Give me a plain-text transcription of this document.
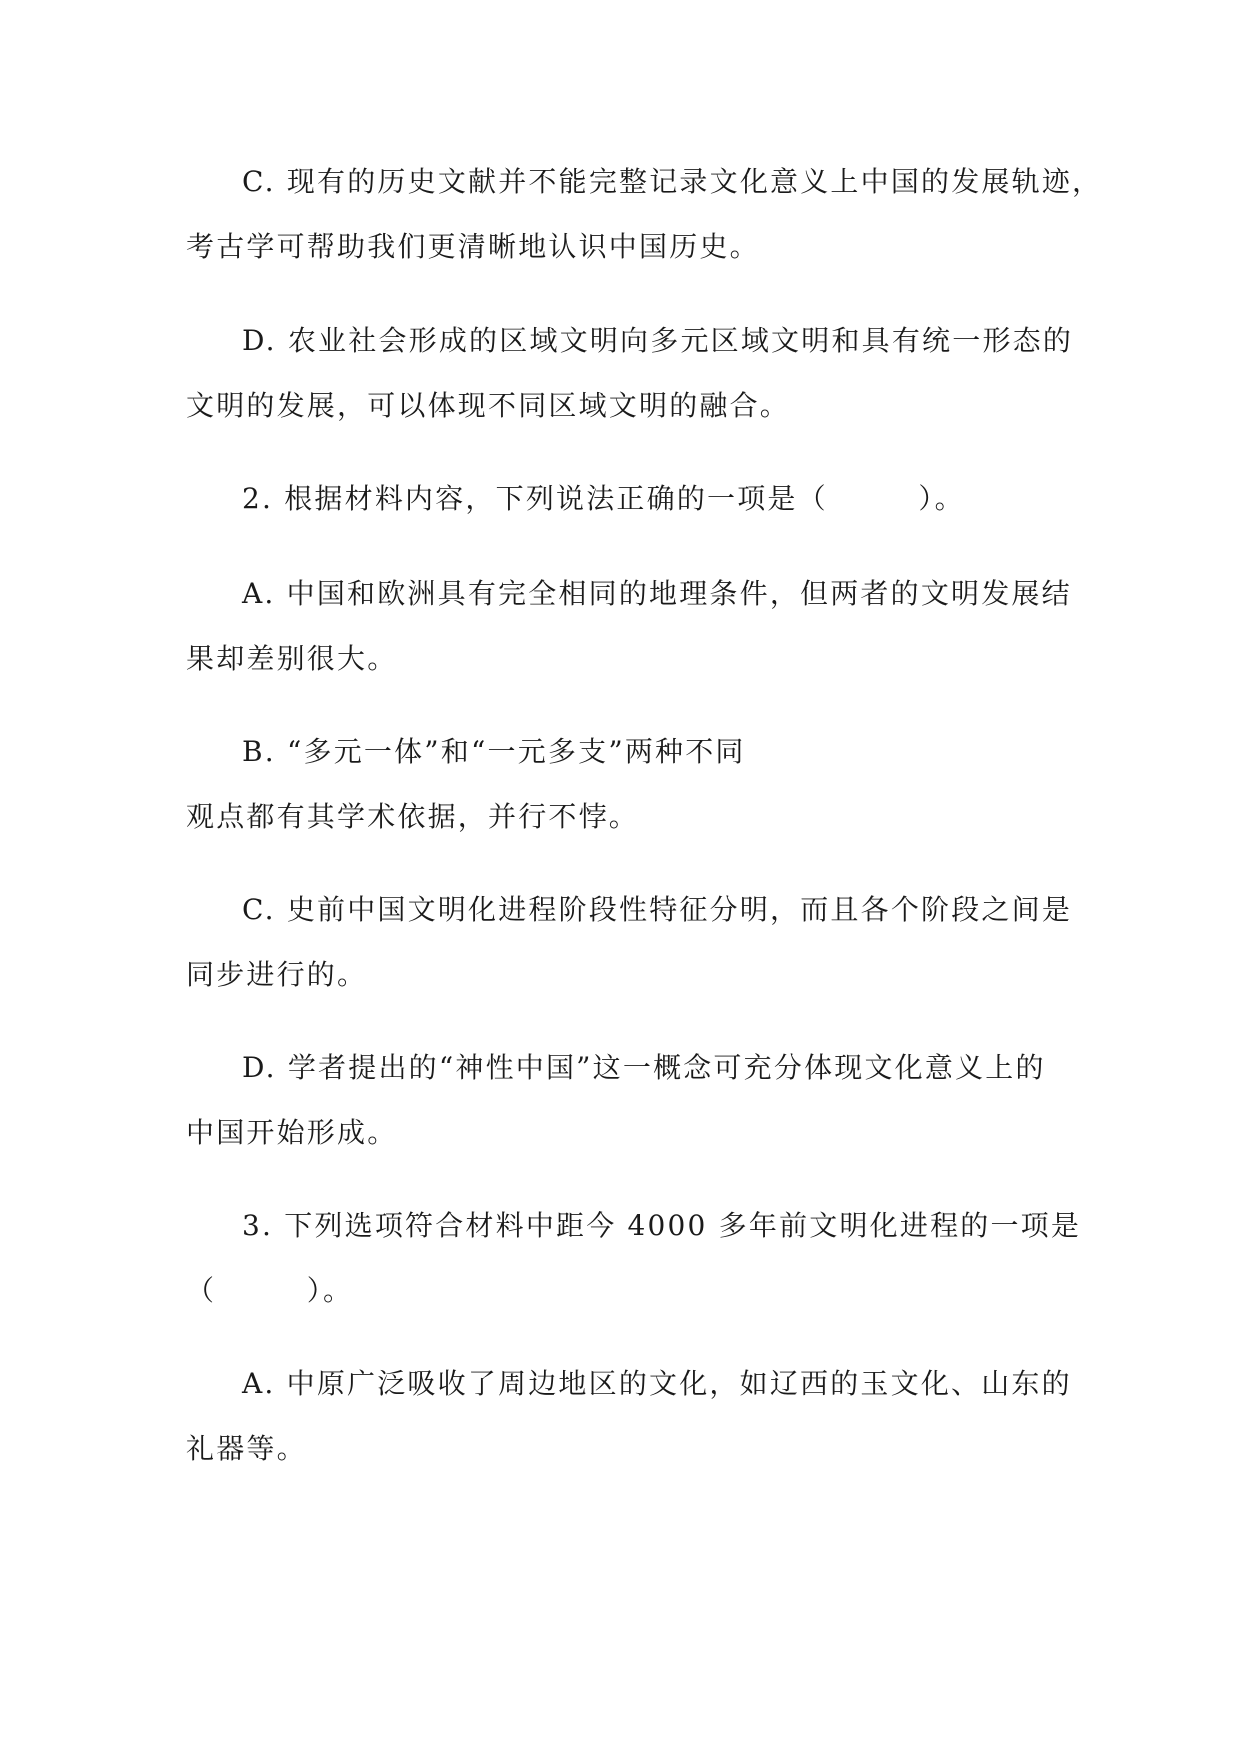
C. 现有的历史文献并不能完整记录文化意义上中国的发展轨迹，
考古学可帮助我们更清晰地认识中国历史。
D. 农业社会形成的区域文明向多元区域文明和具有统一形态的
文明的发展，可以体现不同区域文明的融合。
2. 根据材料内容，下列说法正确的一项是（　　　）。
A. 中国和欧洲具有完全相同的地理条件，但两者的文明发展结
果却差别很大。
B. “多元一体”和“一元多支”两种不同
观点都有其学术依据，并行不悖。
C. 史前中国文明化进程阶段性特征分明，而且各个阶段之间是
同步进行的。
D. 学者提出的“神性中国”这一概念可充分体现文化意义上的
中国开始形成。
3. 下列选项符合材料中距今 4000 多年前文明化进程的一项是
（　　　）。
A. 中原广泛吸收了周边地区的文化，如辽西的玉文化、山东的
礼器等。
